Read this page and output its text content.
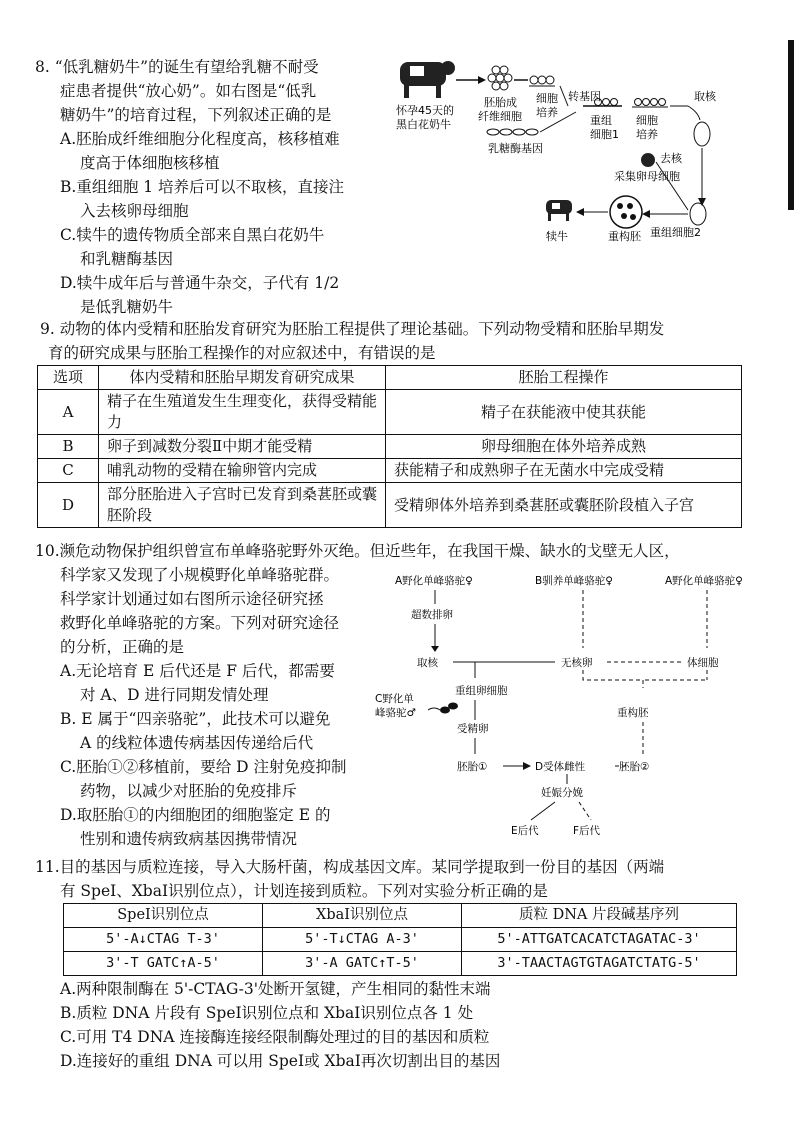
8. “低乳糖奶牛”的诞生有望给乳糖不耐受
症患者提供“放心奶”。如右图是“低乳
糖奶牛”的培育过程，下列叙述正确的是
A.胚胎成纤维细胞分化程度高，核移植难
度高于体细胞核移植
B.重组细胞 1 培养后可以不取核，直接注
入去核卵母细胞
C.犊牛的遗传物质全部来自黑白花奶牛
和乳糖酶基因
D.犊牛成年后与普通牛杂交，子代有 1/2
是低乳糖奶牛
怀孕45天的
黑白花奶牛
胚胎成
纤维细胞
细胞
培养
转基因
乳糖酶基因
重组
细胞1
细胞
培养
取核
去核
采集卵母细胞
重组细胞2
重构胚
犊牛
9. 动物的体内受精和胚胎发育研究为胚胎工程提供了理论基础。下列动物受精和胚胎早期发
育的研究成果与胚胎工程操作的对应叙述中，有错误的是
选项	体内受精和胚胎早期发育研究成果	胚胎工程操作
A	精子在生殖道发生生理变化，获得受精能力	精子在获能液中使其获能
B	卵子到减数分裂Ⅱ中期才能受精	卵母细胞在体外培养成熟
C	哺乳动物的受精在输卵管内完成	获能精子和成熟卵子在无菌水中完成受精
D	部分胚胎进入子宫时已发育到桑葚胚或囊胚阶段	受精卵体外培养到桑葚胚或囊胚阶段植入子宫
10.濒危动物保护组织曾宣布单峰骆驼野外灭绝。但近些年，在我国干燥、缺水的戈壁无人区，
科学家又发现了小规模野化单峰骆驼群。
科学家计划通过如右图所示途径研究拯
救野化单峰骆驼的方案。下列对研究途径
的分析，正确的是
A.无论培育 E 后代还是 F 后代，都需要
对 A、D 进行同期发情处理
B. E 属于“四亲骆驼”，此技术可以避免
A 的线粒体遗传病基因传递给后代
C.胚胎①②移植前，要给 D 注射免疫抑制
药物，以减少对胚胎的免疫排斥
D.取胚胎①的内细胞团的细胞鉴定 E 的
性别和遗传病致病基因携带情况
A野化单峰骆驼♀	B驯养单峰骆驼♀	A野化单峰骆驼♀
超数排卵
取核	无核卵	体细胞
重组卵细胞
C野化单
峰骆驼♂
受精卵
重构胚
胚胎①	D受体雌性	胚胎②
妊娠分娩
E后代	F后代
11.目的基因与质粒连接，导入大肠杆菌，构成基因文库。某同学提取到一份目的基因（两端
有 SpeI、XbaI识别位点），计划连接到质粒。下列对实验分析正确的是
SpeI识别位点	XbaI识别位点	质粒 DNA 片段碱基序列
5'-A↓CTAG T-3'	5'-T↓CTAG A-3'	5'-ATTGATCACATCTAGATAC-3'
3'-T GATC↑A-5'	3'-A GATC↑T-5'	3'-TAACTAGTGTAGATCTATG-5'
A.两种限制酶在 5'-CTAG-3'处断开氢键，产生相同的黏性末端
B.质粒 DNA 片段有 SpeI识别位点和 XbaI识别位点各 1 处
C.可用 T4 DNA 连接酶连接经限制酶处理过的目的基因和质粒
D.连接好的重组 DNA 可以用 SpeI或 XbaI再次切割出目的基因
